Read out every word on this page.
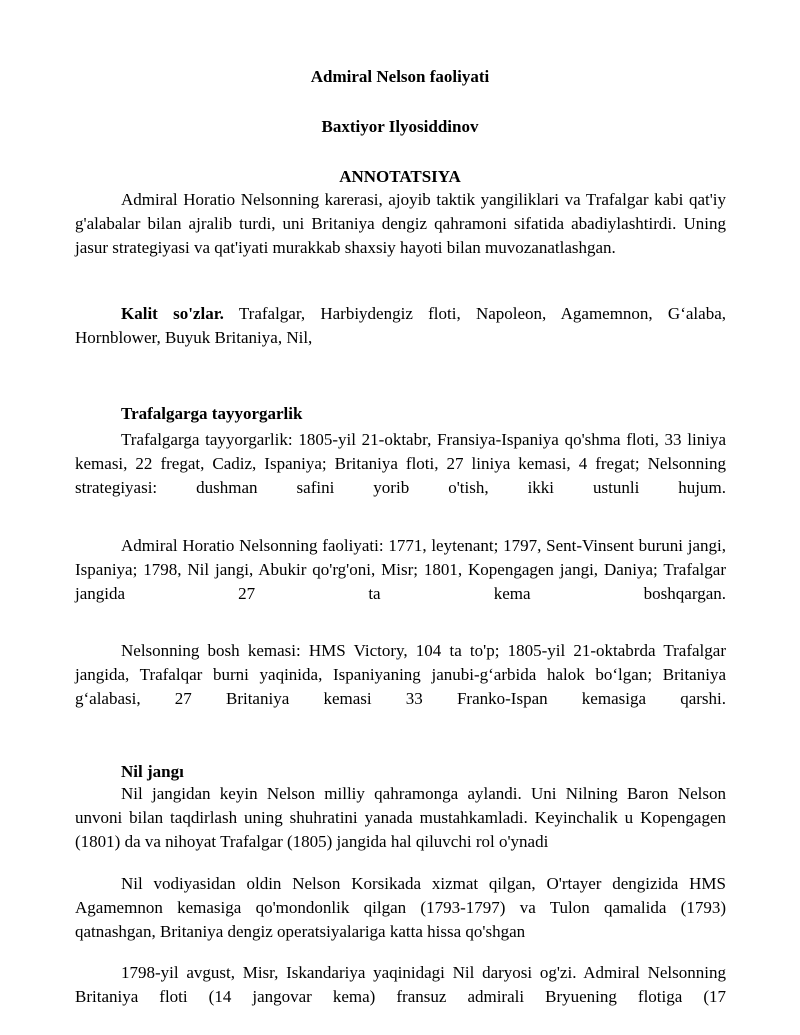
Admiral Nelson faoliyati
Baxtiyor Ilyosiddinov
ANNOTATSIYA

Admiral Horatio Nelsonning karerasi, ajoyib taktik yangiliklari va Trafalgar kabi qat'iy g'alabalar bilan ajralib turdi, uni Britaniya dengiz qahramoni sifatida abadiylashtirdi. Uning jasur strategiyasi va qat'iyati murakkab shaxsiy hayoti bilan muvozanatlashgan.

Kalit so'zlar. Trafalgar, Harbiydengiz floti, Napoleon, Agamemnon, G‘alaba, Hornblower, Buyuk Britaniya, Nil,

Trafalgarga tayyorgarlik

Trafalgarga tayyorgarlik: 1805-yil 21-oktabr, Fransiya-Ispaniya qo'shma floti, 33 liniya kemasi, 22 fregat, Cadiz, Ispaniya; Britaniya floti, 27 liniya kemasi, 4 fregat; Nelsonning strategiyasi: dushman safini yorib o'tish, ikki ustunli hujum.

Admiral Horatio Nelsonning faoliyati: 1771, leytenant; 1797, Sent-Vinsent buruni jangi, Ispaniya; 1798, Nil jangi, Abukir qo'rg'oni, Misr; 1801, Kopengagen jangi, Daniya; Trafalgar jangida 27 ta kema boshqargan.

Nelsonning bosh kemasi: HMS Victory, 104 ta to'p; 1805-yil 21-oktabrda Trafalgar jangida, Trafalqar burni yaqinida, Ispaniyaning janubi-g‘arbida halok bo‘lgan; Britaniya g‘alabasi, 27 Britaniya kemasi 33 Franko-Ispan kemasiga qarshi.

Nil jangı

Nil jangidan keyin Nelson milliy qahramonga aylandi. Uni Nilning Baron Nelson unvoni bilan taqdirlash uning shuhratini yanada mustahkamladi. Keyinchalik u Kopengagen (1801) da va nihoyat Trafalgar (1805) jangida hal qiluvchi rol o'ynadi

Nil vodiyasidan oldin Nelson Korsikada xizmat qilgan, O'rtayer dengizida HMS Agamemnon kemasiga qo'mondonlik qilgan (1793-1797) va Tulon qamalida (1793) qatnashgan, Britaniya dengiz operatsiyalariga katta hissa qo'shgan

1798-yil avgust, Misr, Iskandariya yaqinidagi Nil daryosi og'zi. Admiral Nelsonning Britaniya floti (14 jangovar kema) fransuz admirali Bryuening flotiga (17
